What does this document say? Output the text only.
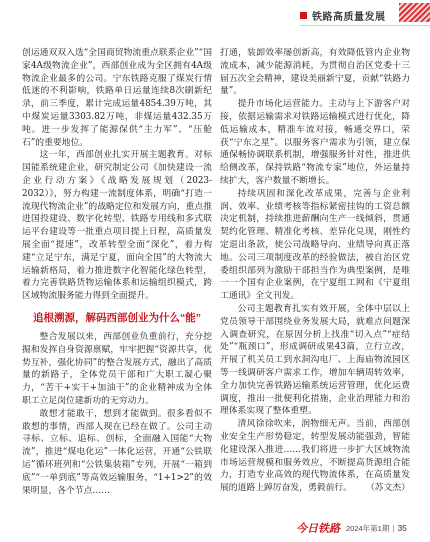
铁路高质量发展

创运通双双入选“全国商贸物流重点联系企业”“国家4A级物流企业”，西部创业成为全区拥有4A级物流企业最多的公司。宁东铁路克服了煤炭行情低迷的不利影响，铁路单日运量连续8次刷新纪录，前三季度，累计完成运量4854.39万吨，其中煤炭运量3303.82万吨，非煤运量432.35万吨。进一步发挥了能源保供“主力军”、“压舱石”的重要地位。

这一年，西部创业扎实开展主题教育。对标国能系统建企业，研究制定公司《加快建设一流企业行动方案》《战略发展规划（2023-2032）》，努力构建一流制度体系，明确“打造一流现代物流企业”的战略定位和发展方向，重点推进国投建设、数字化转型、铁路专用线和多式联运平台建设等一批重点项目提上日程，高质量发展全面“提速”，改革转型全面“深化”，着力构建“立足宁东，满足宁夏，面向全国”的大物流大运输新格局，着力推进数字化智能化绿色转型，着力完善铁路货物运输体系和运输组织模式，跨区域物流服务能力得到全面提升。

追根溯源，解码西部创业为什么“能”

整合发展以来，西部创业负重前行，充分挖掘和发挥自身资源禀赋，牢牢把握“资源共享，优势互补，强化协同”的整合发展方式，融出了高质量的新路子，全体党员干部和广大职工凝心聚力，“苦干+实干+加油干”的企业精神成为全体职工立足岗位建新功的无穷动力。

敢想才能敢干，想到才能做到。很多看似不敢想的事情，西部人现在已经在做了。公司主动寻标、立标、追标、创标，全面融入国能“大物流”，推进“煤电化运”一体化运营，开通“公铁联运”循环班列和“公铁集装箱”专列，开展“一箱到底”“一单到底”等高效运输服务，“1+1>2”的效果明显，各个节点……

打通，装卸效率屡创新高，有效降低管内企业物流成本，减少能源消耗，为贯彻自治区党委十三届五次全会精神，建设美丽新宁夏，贡献“铁路力量”。

提升市场化运营能力。主动与上下游客户对接，依据运输需求对铁路运输模式进行优化，降低运输成本，精准车流对接，畅通交界口，荣获“宁东之星”。以服务客户需求为引领，建立保通保畅协调联系机制，增强服务针对性，推进供给侧改革，保持铁路“物流专家”地位，外运量持续扩大，客户数量不断增长。

持续巩固和深化改革成果，完善与企业利润、效率、业绩考核等指标紧密挂钩的工资总额决定机制，持续推进薪酬向生产一线倾斜，贯通契约化管理、精准化考核、差异化兑现，刚性约定退出条款，使公司战略导向、业绩导向真正落地。公司三项制度改革的经验做法，被自治区党委组织部列为激励干部担当作为典型案例，是唯一一个国有企业案例，在宁夏组工网和《宁夏组工通讯》全文刊发。

公司主题教育扎实有效开展，全体中层以上党员领导干部围绕业务发展大局，就难点问题深入调查研究，在原因分析上找准“切入点”“症结处”“瓶颈口”，形成调研成果43篇，立行立改，开展了机关员工到水洞沟电厂、上海庙物流园区等一线调研客户需求工作，增加车辆周转效率，全力加快完善铁路运输系统运营管理，优化运费调度，推出一批便利化措施，企业治理能力和治理体系实现了整体重塑。

清风徐徐吹来，润物细无声。当前，西部创业安全生产形势稳定，转型发展动能强劲，智能化建设深入推进……我们将进一步扩大区域物流市场运营规模和服务效应，不断提高货源组合能力，打造专业高效的现代物流体系，在高质量发展的道路上踔厉奋发，勇毅前行。	（苏文杰）

今日铁路 2024年第1期 | 35
